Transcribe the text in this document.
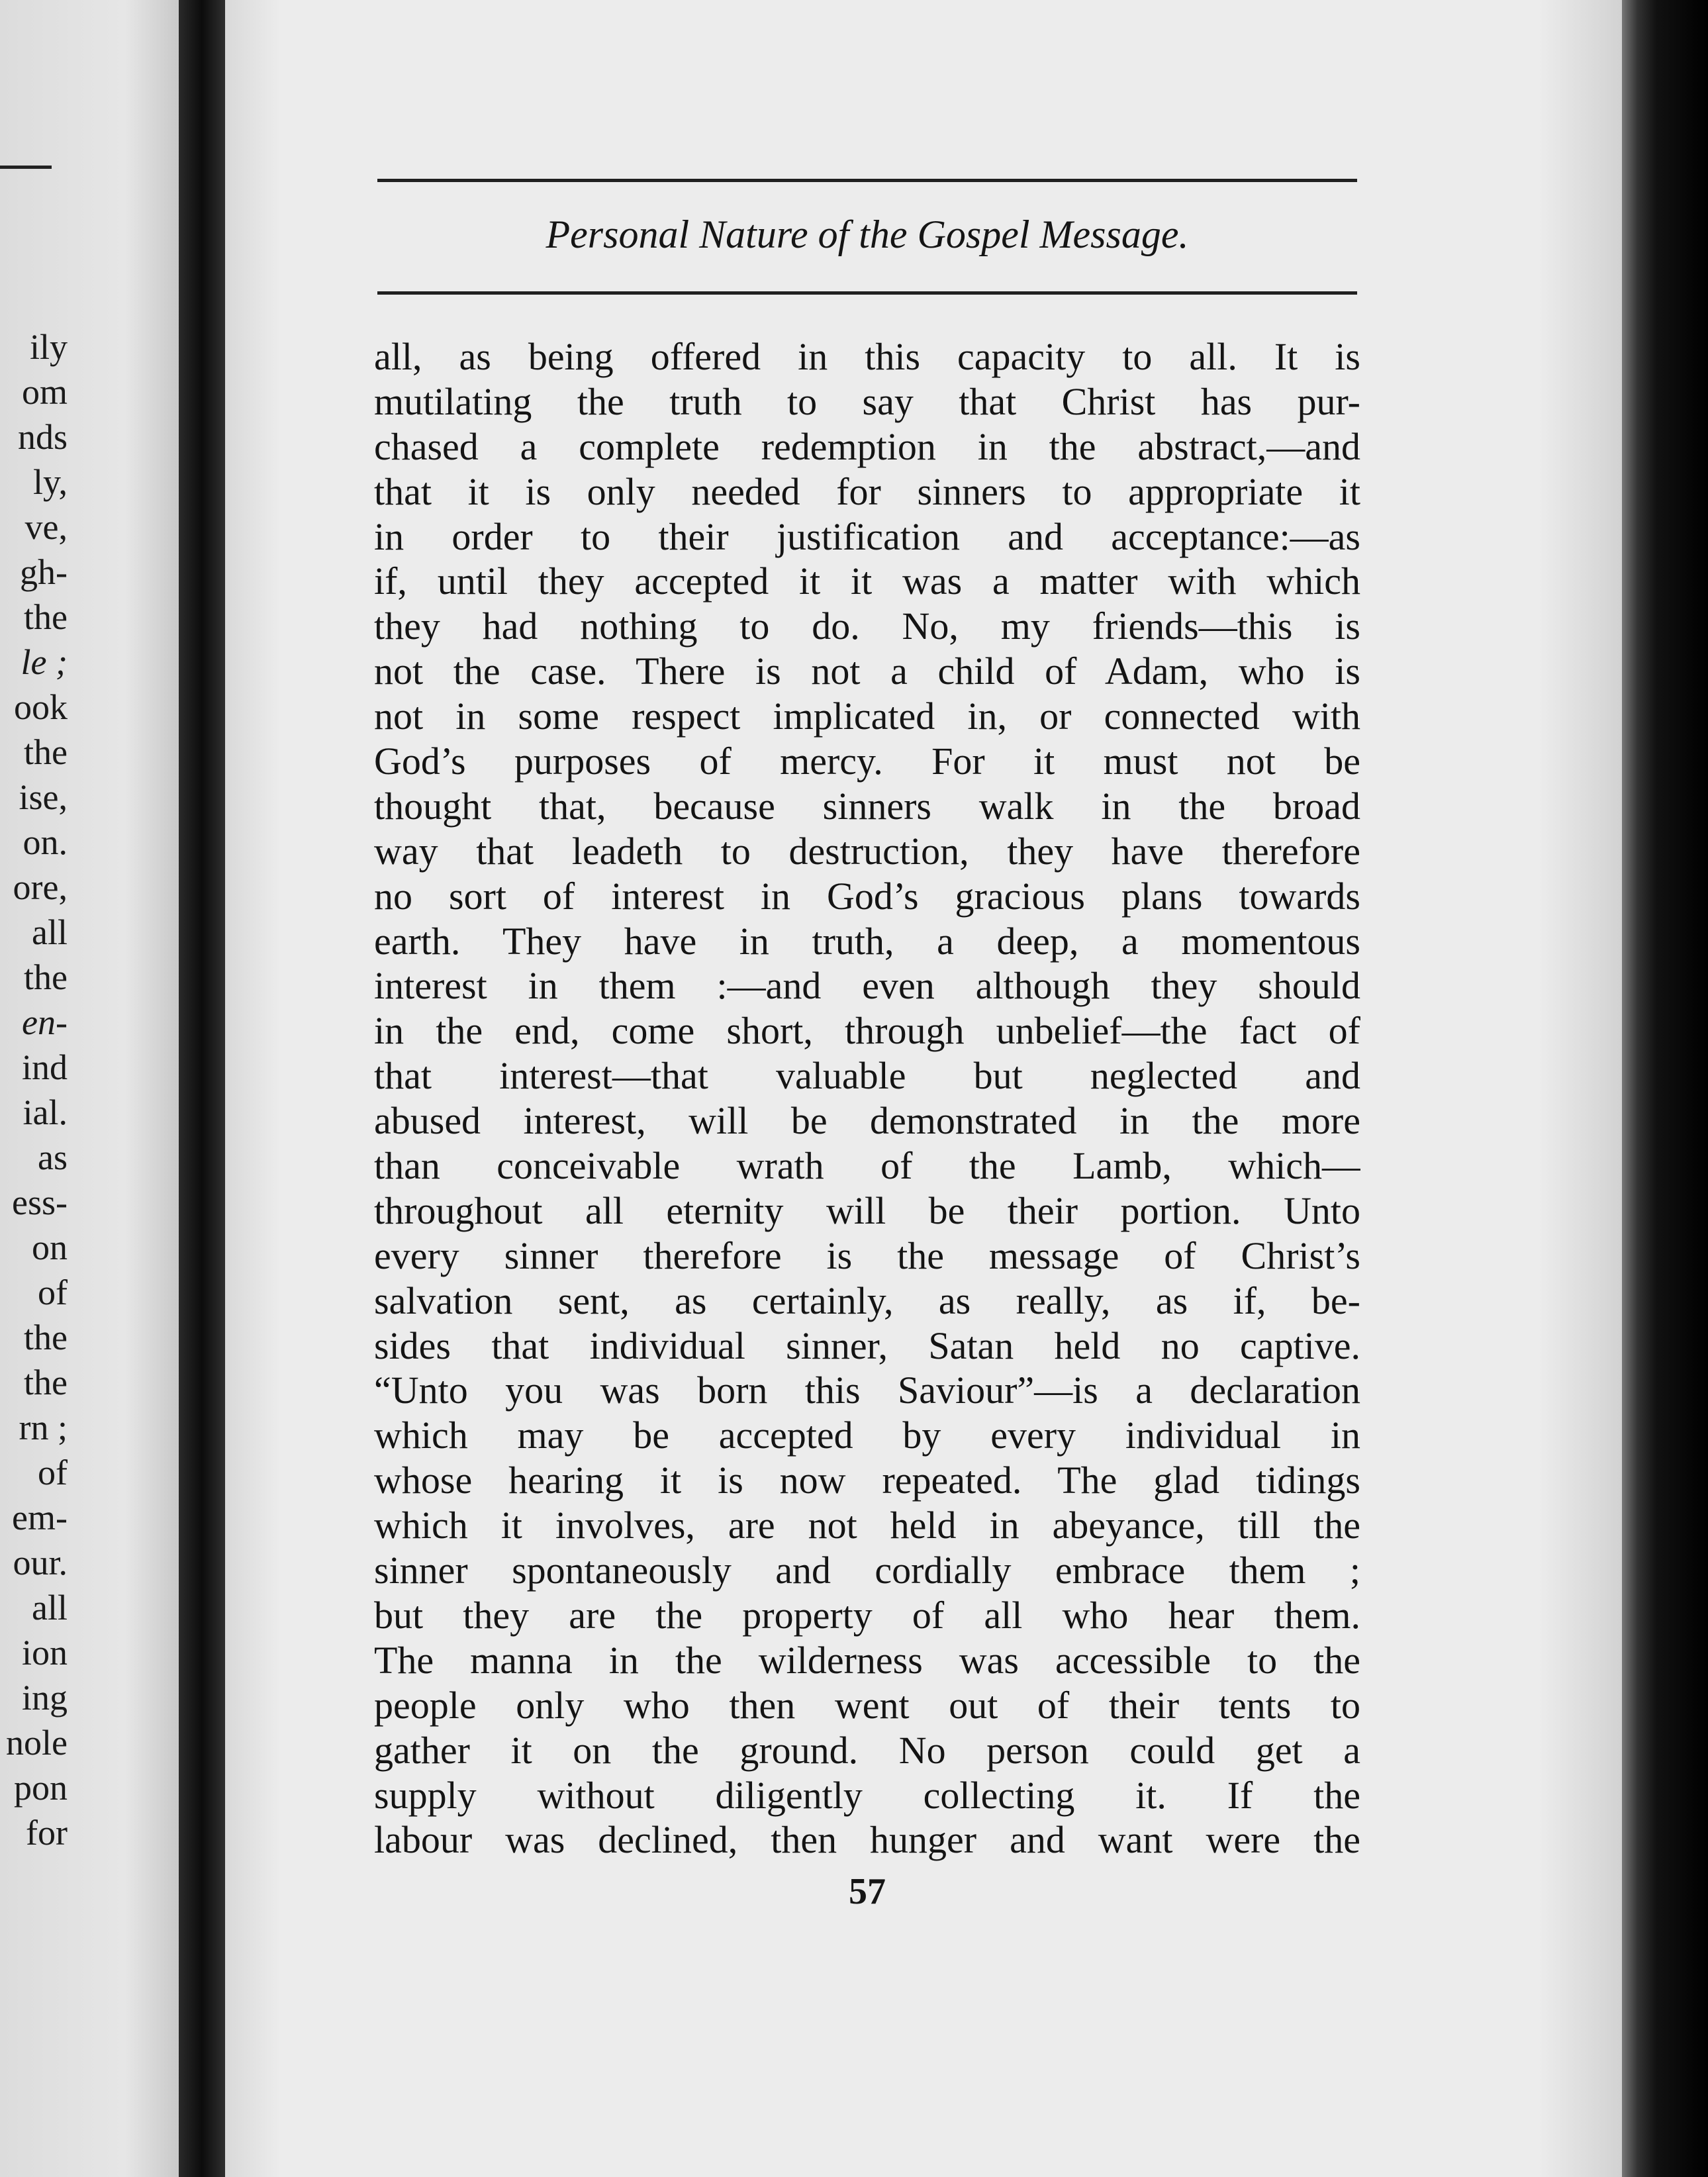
ily
om
nds
ly,
ve,
gh-
the
le ;
ook
the
ise,
on.
ore,
all
the
en-
ind
ial.
as
ess-
on
of
the
the
rn ;
of
em-
our.
all
ion
ing
nole
pon
for
Personal Nature of the Gospel Message.
all, as being offered in this capacity to all. It is
mutilating the truth to say that Christ has pur-
chased a complete redemption in the abstract,—and
that it is only needed for sinners to appropriate it
in order to their justification and acceptance:—as
if, until they accepted it it was a matter with which
they had nothing to do. No, my friends—this is
not the case. There is not a child of Adam, who is
not in some respect implicated in, or connected with
God’s purposes of mercy. For it must not be
thought that, because sinners walk in the broad
way that leadeth to destruction, they have therefore
no sort of interest in God’s gracious plans towards
earth. They have in truth, a deep, a momentous
interest in them :—and even although they should
in the end, come short, through unbelief—the fact of
that interest—that valuable but neglected and
abused interest, will be demonstrated in the more
than conceivable wrath of the Lamb, which—
throughout all eternity will be their portion. Unto
every sinner therefore is the message of Christ’s
salvation sent, as certainly, as really, as if, be-
sides that individual sinner, Satan held no captive.
“Unto you was born this Saviour”—is a declaration
which may be accepted by every individual in
whose hearing it is now repeated. The glad tidings
which it involves, are not held in abeyance, till the
sinner spontaneously and cordially embrace them ;
but they are the property of all who hear them.
The manna in the wilderness was accessible to the
people only who then went out of their tents to
gather it on the ground. No person could get a
supply without diligently collecting it. If the
labour was declined, then hunger and want were the
57
